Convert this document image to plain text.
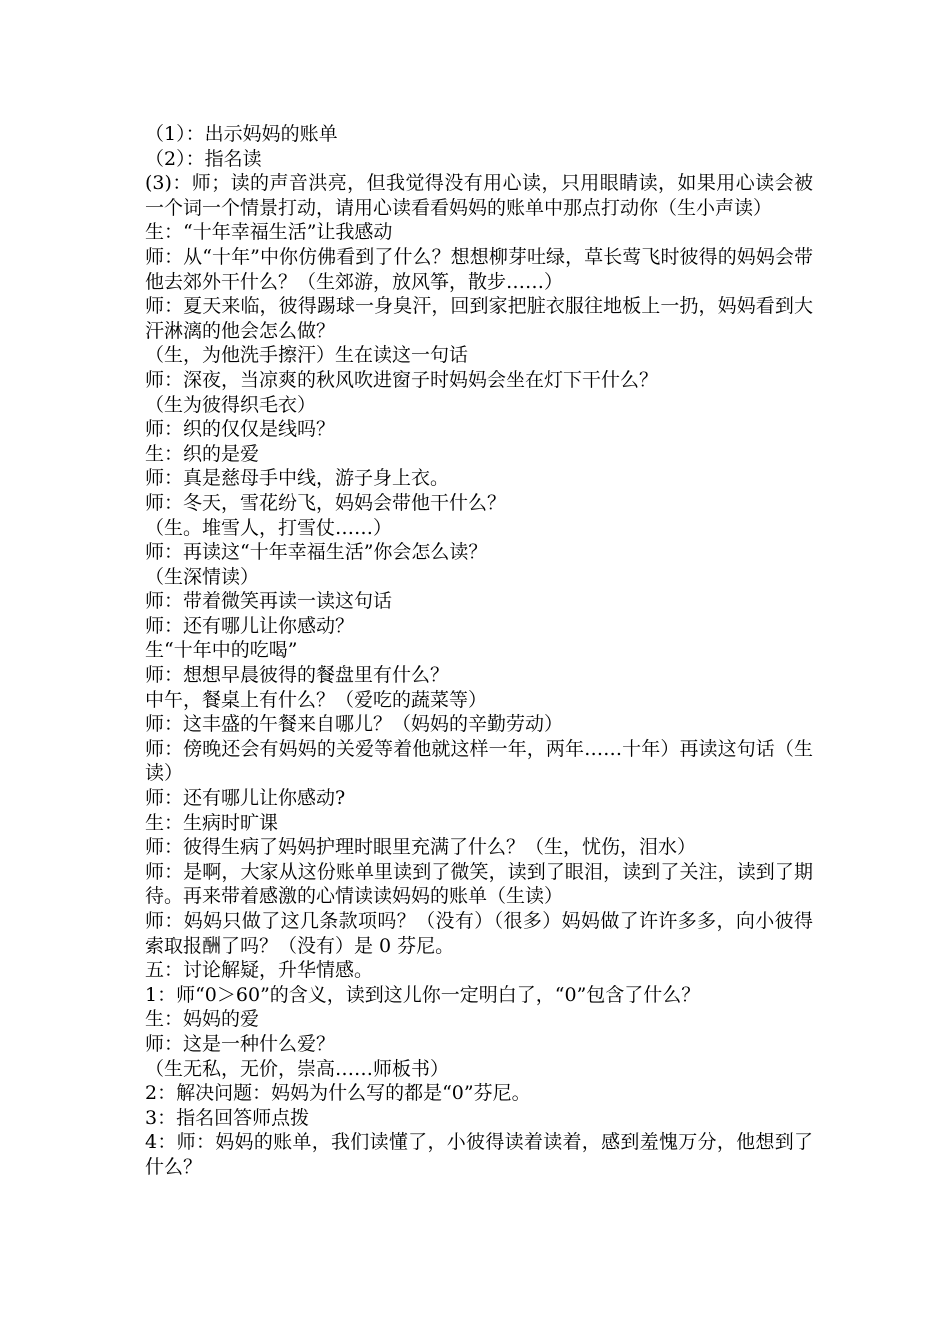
（1）：出示妈妈的账单

（2）：指名读

(3)：师；读的声音洪亮，但我觉得没有用心读，只用眼睛读，如果用心读会被一个词一个情景打动，请用心读看看妈妈的账单中那点打动你（生小声读）

生：“十年幸福生活”让我感动

师：从“十年”中你仿佛看到了什么？想想柳芽吐绿，草长莺飞时彼得的妈妈会带他去郊外干什么？（生郊游，放风筝，散步……）

师：夏天来临，彼得踢球一身臭汗，回到家把脏衣服往地板上一扔，妈妈看到大汗淋漓的他会怎么做？

（生，为他洗手擦汗）生在读这一句话

师：深夜，当凉爽的秋风吹进窗子时妈妈会坐在灯下干什么？

（生为彼得织毛衣）

师：织的仅仅是线吗？

生：织的是爱

师：真是慈母手中线，游子身上衣。

师：冬天，雪花纷飞，妈妈会带他干什么？

（生。堆雪人，打雪仗……）

师：再读这“十年幸福生活”你会怎么读？

（生深情读）

师：带着微笑再读一读这句话

师：还有哪儿让你感动？

生“十年中的吃喝”

师：想想早晨彼得的餐盘里有什么？

中午，餐桌上有什么？（爱吃的蔬菜等）

师：这丰盛的午餐来自哪儿？（妈妈的辛勤劳动）

师：傍晚还会有妈妈的关爱等着他就这样一年，两年……十年）再读这句话（生读）

师：还有哪儿让你感动?

生：生病时旷课

师：彼得生病了妈妈护理时眼里充满了什么？（生，忧伤，泪水）

师：是啊，大家从这份账单里读到了微笑，读到了眼泪，读到了关注，读到了期待。再来带着感激的心情读读妈妈的账单（生读）

师：妈妈只做了这几条款项吗？（没有）（很多）妈妈做了许许多多，向小彼得索取报酬了吗？（没有）是 0 芬尼。

五：讨论解疑，升华情感。

1：师“0＞60”的含义，读到这儿你一定明白了，“0”包含了什么？

生：妈妈的爱

师：这是一种什么爱？

（生无私，无价，崇高……师板书）

2：解决问题：妈妈为什么写的都是“0”芬尼。

3：指名回答师点拨

4：师：妈妈的账单，我们读懂了，小彼得读着读着，感到羞愧万分，他想到了什么？
